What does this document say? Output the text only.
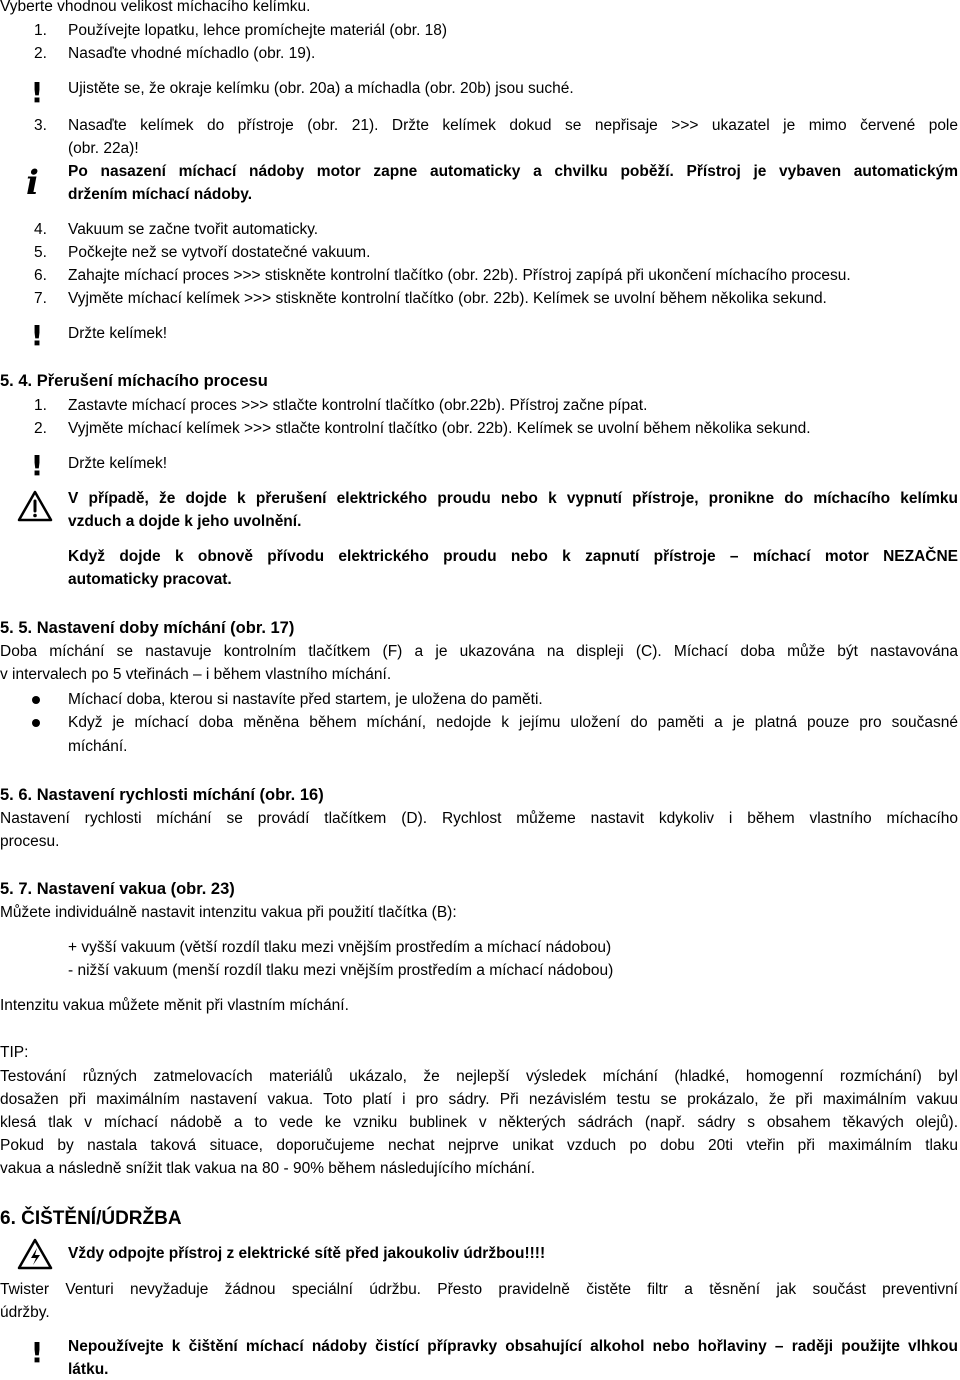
Vyberte vhodnou velikost míchacího kelímku.
1. Používejte lopatku, lehce promíchejte materiál (obr. 18)
2. Nasaďte vhodné míchadlo (obr. 19).
! Ujistěte se, že okraje kelímku (obr. 20a) a míchadla (obr. 20b) jsou suché.
3. Nasaďte kelímek do přístroje (obr. 21). Držte kelímek dokud se nepřisaje >>> ukazatel je mimo červené pole
(obr. 22a)!
i Po nasazení míchací nádoby motor zapne automaticky a chvilku poběží. Přístroj je vybaven automatickým
držením míchací nádoby.
4. Vakuum se začne tvořit automaticky.
5. Počkejte než se vytvoří dostatečné vakuum.
6. Zahajte míchací proces >>> stiskněte kontrolní tlačítko (obr. 22b). Přístroj zapípá při ukončení míchacího procesu.
7. Vyjměte míchací kelímek >>> stiskněte kontrolní tlačítko (obr. 22b). Kelímek se uvolní během několika sekund.
! Držte kelímek!
5. 4. Přerušení míchacího procesu
1. Zastavte míchací proces >>> stlačte kontrolní tlačítko (obr.22b). Přístroj začne pípat.
2. Vyjměte míchací kelímek >>> stlačte kontrolní tlačítko (obr. 22b). Kelímek se uvolní během několika sekund.
! Držte kelímek!
V případě, že dojde k přerušení elektrického proudu nebo k vypnutí přístroje, pronikne do míchacího kelímku
vzduch a dojde k jeho uvolnění.
Když dojde k obnově přívodu elektrického proudu nebo k zapnutí přístroje – míchací motor NEZAČNE
automaticky pracovat.
5. 5. Nastavení doby míchání (obr. 17)
Doba míchání se nastavuje kontrolním tlačítkem (F) a je ukazována na displeji (C). Míchací doba může být nastavována
v intervalech po 5 vteřinách – i během vlastního míchání.
Míchací doba, kterou si nastavíte před startem, je uložena do paměti.
Když je míchací doba měněna během míchání, nedojde k jejímu uložení do paměti a je platná pouze pro současné
míchání.
5. 6. Nastavení rychlosti míchání (obr. 16)
Nastavení rychlosti míchání se provádí tlačítkem (D). Rychlost můžeme nastavit kdykoliv i během vlastního míchacího
procesu.
5. 7. Nastavení vakua (obr. 23)
Můžete individuálně nastavit intenzitu vakua při použití tlačítka (B):
+ vyšší vakuum (větší rozdíl tlaku mezi vnějším prostředím a míchací nádobou)
- nižší vakuum (menší rozdíl tlaku mezi vnějším prostředím a míchací nádobou)
Intenzitu vakua můžete měnit při vlastním míchání.
TIP:
Testování různých zatmelovacích materiálů ukázalo, že nejlepší výsledek míchání (hladké, homogenní rozmíchání) byl
dosažen při maximálním nastavení vakua. Toto platí i pro sádry. Při nezávislém testu se prokázalo, že při maximálním vakuu
klesá tlak v míchací nádobě a to vede ke vzniku bublinek v některých sádrách (např. sádry s obsahem těkavých olejů).
Pokud by nastala taková situace, doporučujeme nechat nejprve unikat vzduch po dobu 20ti vteřin při maximálním tlaku
vakua a následně snížit tlak vakua na 80 - 90% během následujícího míchání.
6. ČIŠTĚNÍ/ÚDRŽBA
Vždy odpojte přístroj z elektrické sítě před jakoukoliv údržbou!!!!
Twister Venturi nevyžaduje žádnou speciální údržbu. Přesto pravidelně čistěte filtr a těsnění jak součást preventivní
údržby.
! Nepoužívejte k čištění míchací nádoby čistící přípravky obsahující alkohol nebo hořlaviny – raději použijte vlhkou
látku.
